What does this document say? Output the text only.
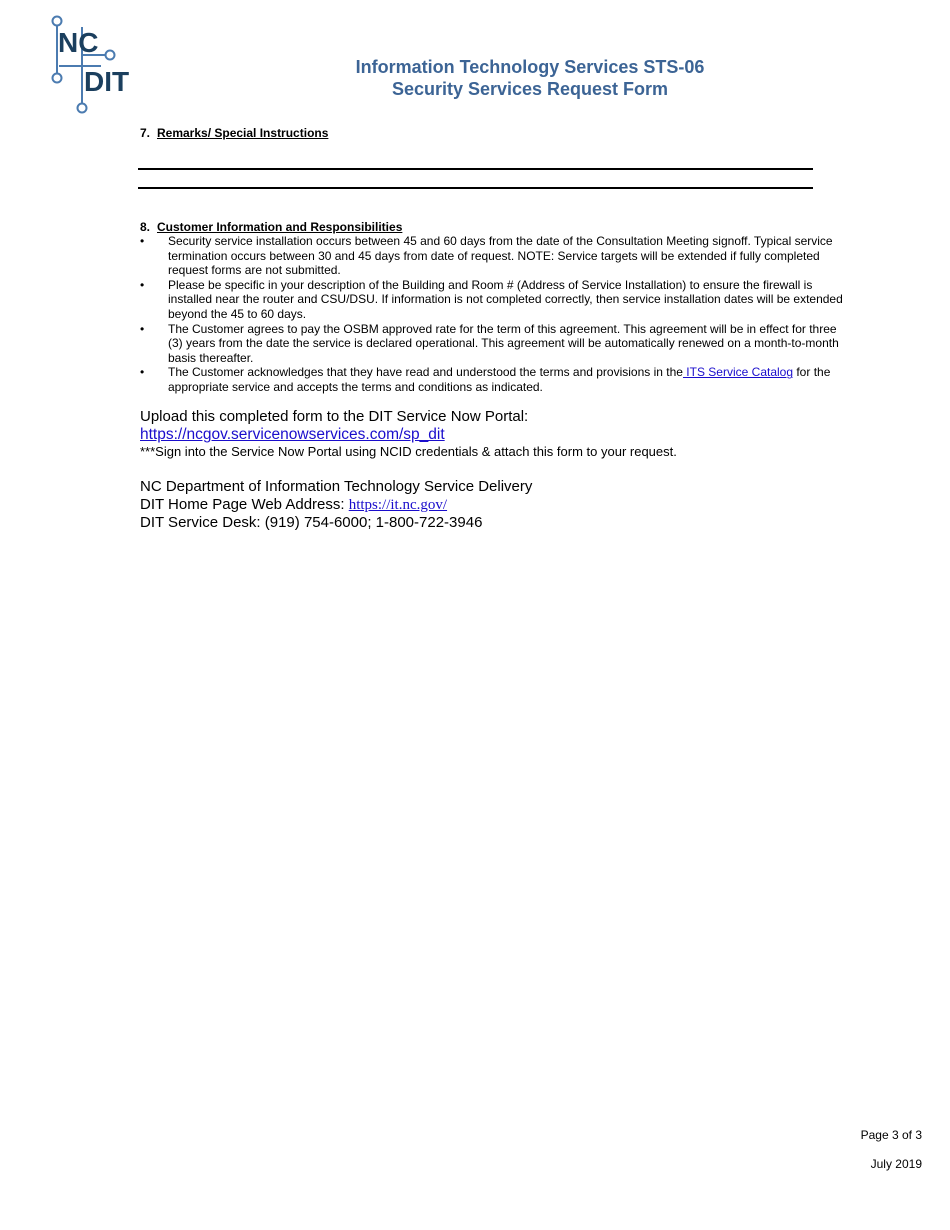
NC
DIT	Information Technology Services STS-06
Security Services Request Form
7. Remarks/ Special Instructions
8. Customer Information and Responsibilities
• Security service installation occurs between 45 and 60 days from the date of the Consultation Meeting signoff. Typical service termination occurs between 30 and 45 days from date of request. NOTE: Service targets will be extended if fully completed request forms are not submitted.
• Please be specific in your description of the Building and Room # (Address of Service Installation) to ensure the firewall is installed near the router and CSU/DSU. If information is not completed correctly, then service installation dates will be extended beyond the 45 to 60 days.
• The Customer agrees to pay the OSBM approved rate for the term of this agreement. This agreement will be in effect for three (3) years from the date the service is declared operational. This agreement will be automatically renewed on a month-to-month basis thereafter.
• The Customer acknowledges that they have read and understood the terms and provisions in the ITS Service Catalog for the appropriate service and accepts the terms and conditions as indicated.
Upload this completed form to the DIT Service Now Portal:
https://ncgov.servicenowservices.com/sp_dit
***Sign into the Service Now Portal using NCID credentials & attach this form to your request.
NC Department of Information Technology Service Delivery
DIT Home Page Web Address: https://it.nc.gov/
DIT Service Desk: (919) 754-6000; 1-800-722-3946
Page 3 of 3
July 2019
